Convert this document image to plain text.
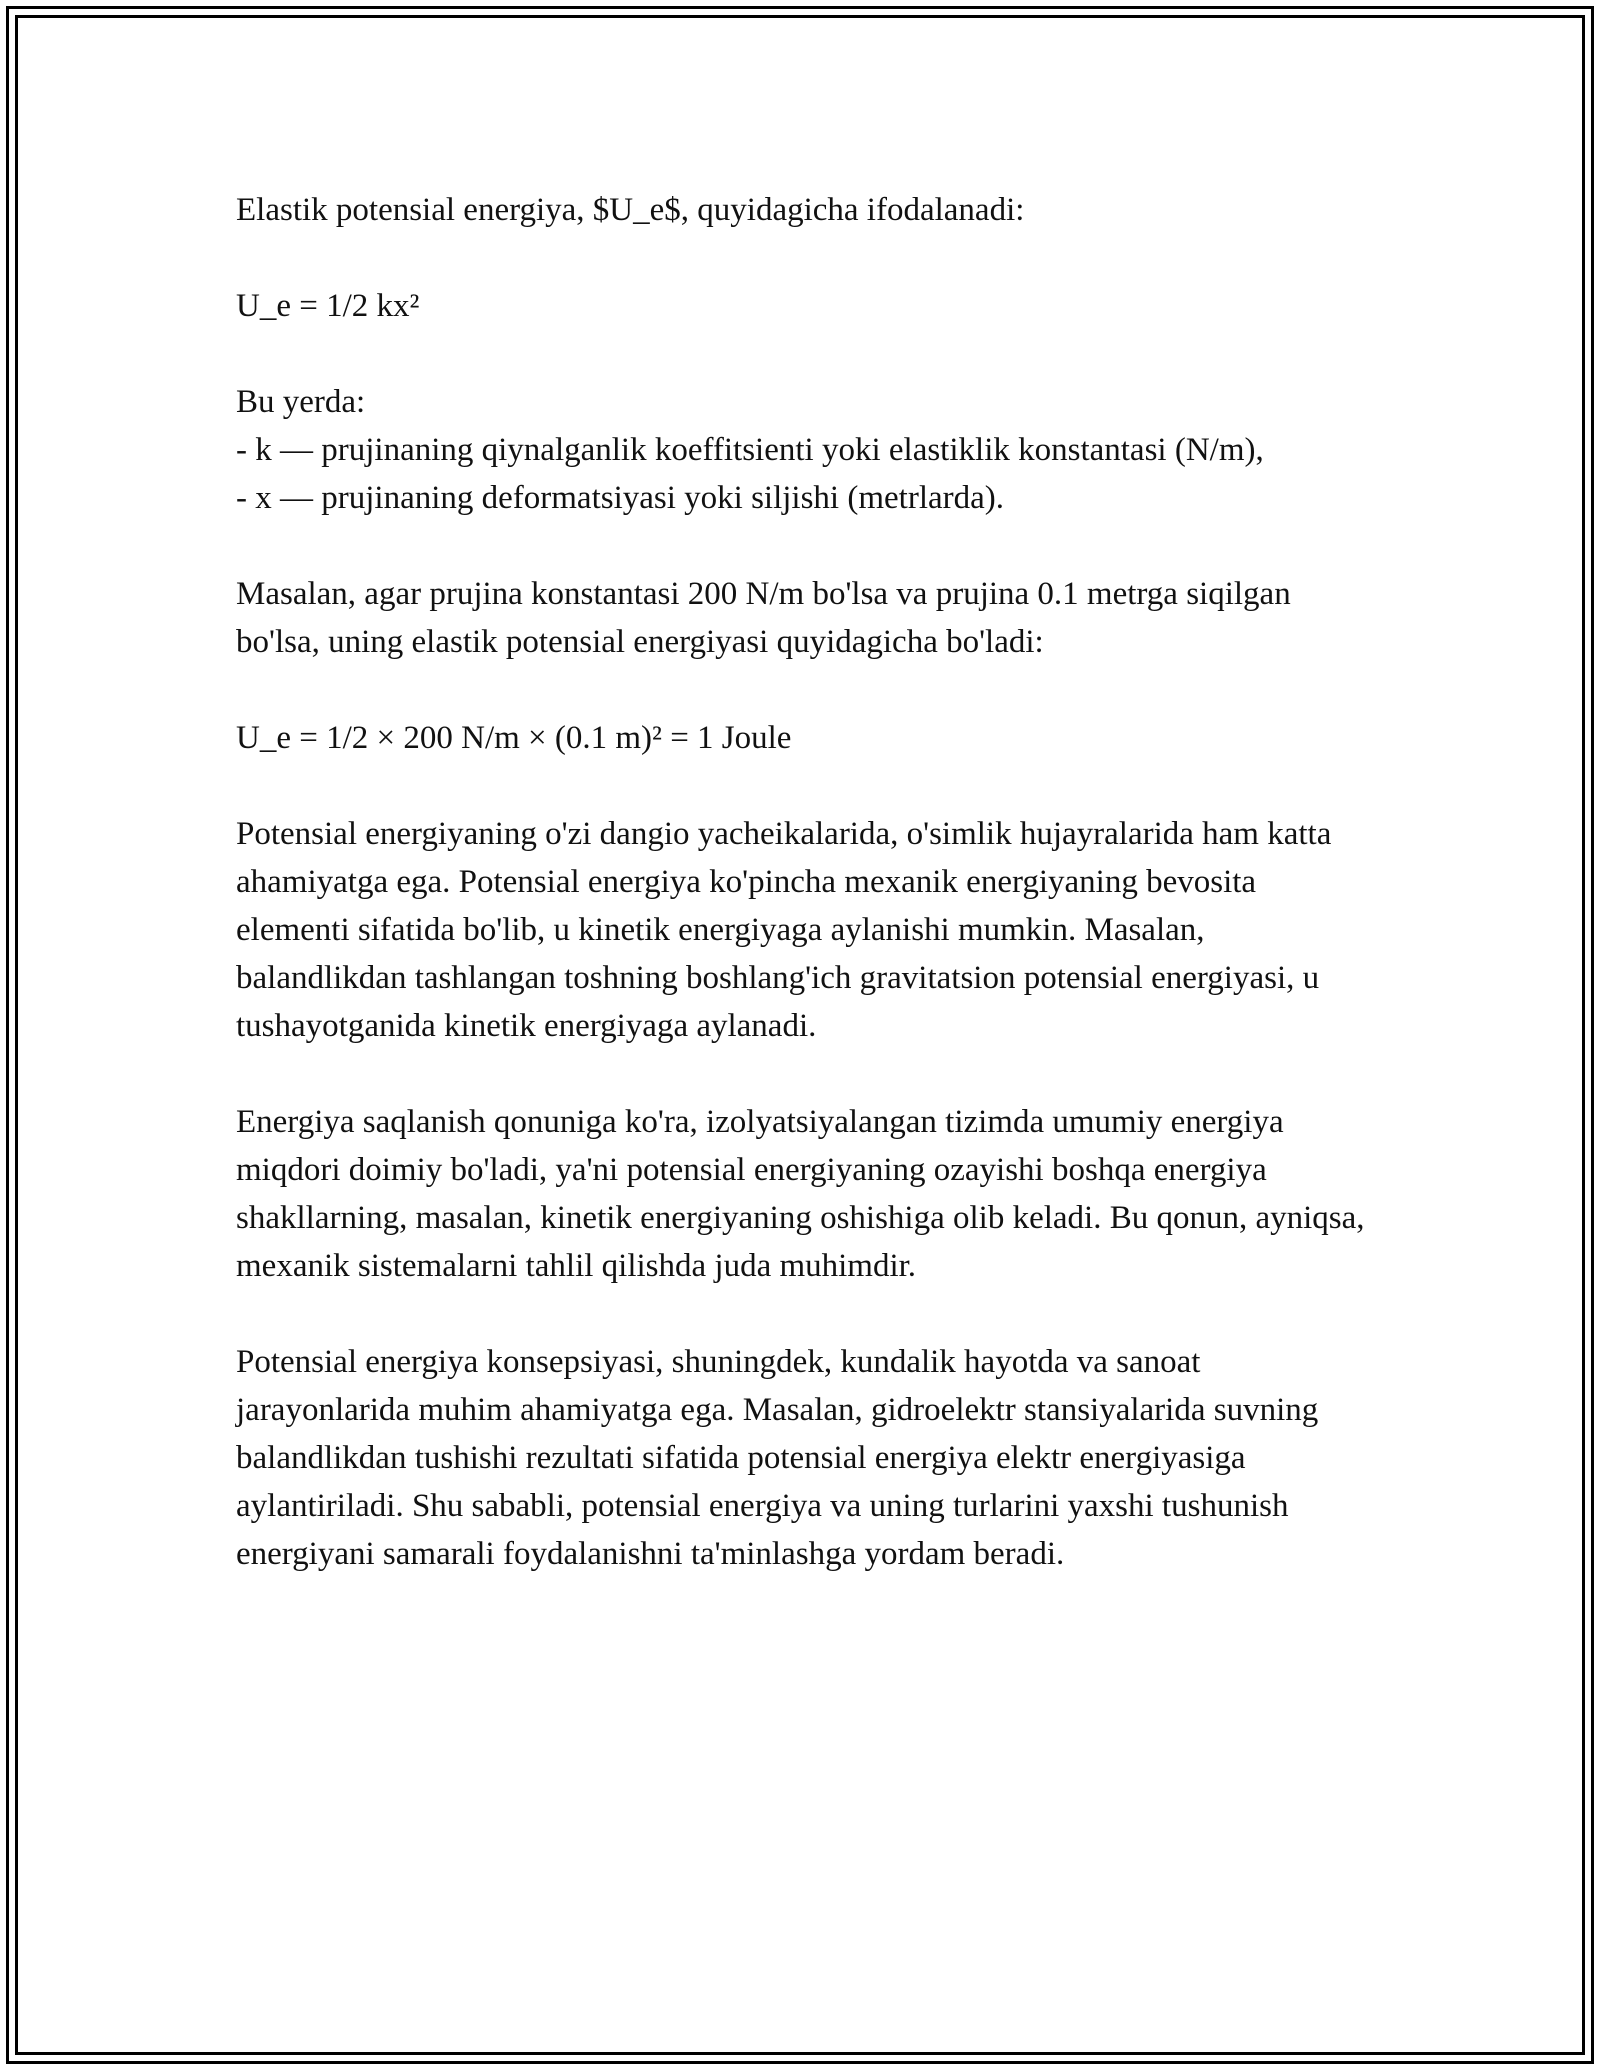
Elastik potensial energiya, $U_e$, quyidagicha ifodalanadi:

U_e = 1/2 kx²

Bu yerda:

- k — prujinaning qiynalganlik koeffitsienti yoki elastiklik konstantasi (N/m),

- x — prujinaning deformatsiyasi yoki siljishi (metrlarda).

Masalan, agar prujina konstantasi 200 N/m bo'lsa va prujina 0.1 metrga siqilgan bo'lsa, uning elastik potensial energiyasi quyidagicha bo'ladi:

U_e = 1/2 × 200 N/m × (0.1 m)² = 1 Joule

Potensial energiyaning o'zi dangio yacheikalarida, o'simlik hujayralarida ham katta ahamiyatga ega. Potensial energiya ko'pincha mexanik energiyaning bevosita elementi sifatida bo'lib, u kinetik energiyaga aylanishi mumkin. Masalan, balandlikdan tashlangan toshning boshlang'ich gravitatsion potensial energiyasi, u tushayotganida kinetik energiyaga aylanadi.

Energiya saqlanish qonuniga ko'ra, izolyatsiyalangan tizimda umumiy energiya miqdori doimiy bo'ladi, ya'ni potensial energiyaning ozayishi boshqa energiya shakllarning, masalan, kinetik energiyaning oshishiga olib keladi. Bu qonun, ayniqsa, mexanik sistemalarni tahlil qilishda juda muhimdir.

Potensial energiya konsepsiyasi, shuningdek, kundalik hayotda va sanoat jarayonlarida muhim ahamiyatga ega. Masalan, gidroelektr stansiyalarida suvning balandlikdan tushishi rezultati sifatida potensial energiya elektr energiyasiga aylantiriladi. Shu sababli, potensial energiya va uning turlarini yaxshi tushunish energiyani samarali foydalanishni ta'minlashga yordam beradi.
